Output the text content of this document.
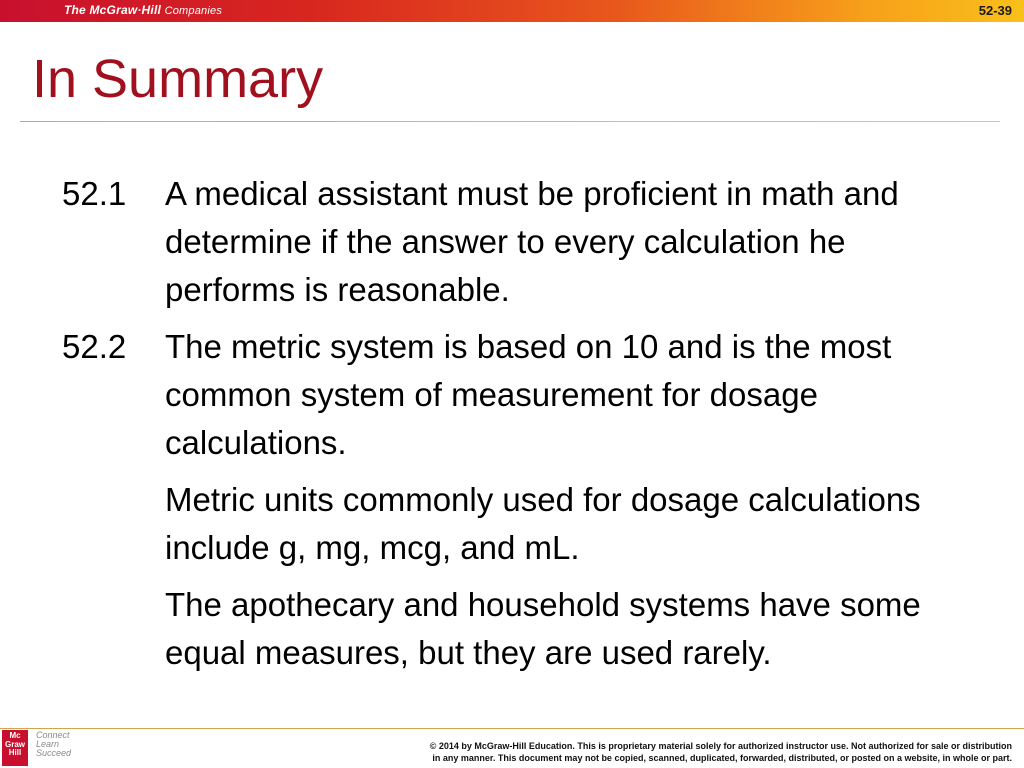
The McGraw·Hill Companies	52-39
In Summary
52.1	A medical assistant must be proficient in math and determine if the answer to every calculation he performs is reasonable.
52.2	The metric system is based on 10 and is the most common system of measurement for dosage calculations.
Metric units commonly used for dosage calculations include g, mg, mcg, and mL.
The apothecary and household systems have some equal measures, but they are used rarely.
Mc
Graw
Hill
Connect
Learn
Succeed
© 2014 by McGraw-Hill Education. This is proprietary material solely for authorized instructor use. Not authorized for sale or distribution
in any manner. This document may not be copied, scanned, duplicated, forwarded, distributed, or posted on a website, in whole or part.
